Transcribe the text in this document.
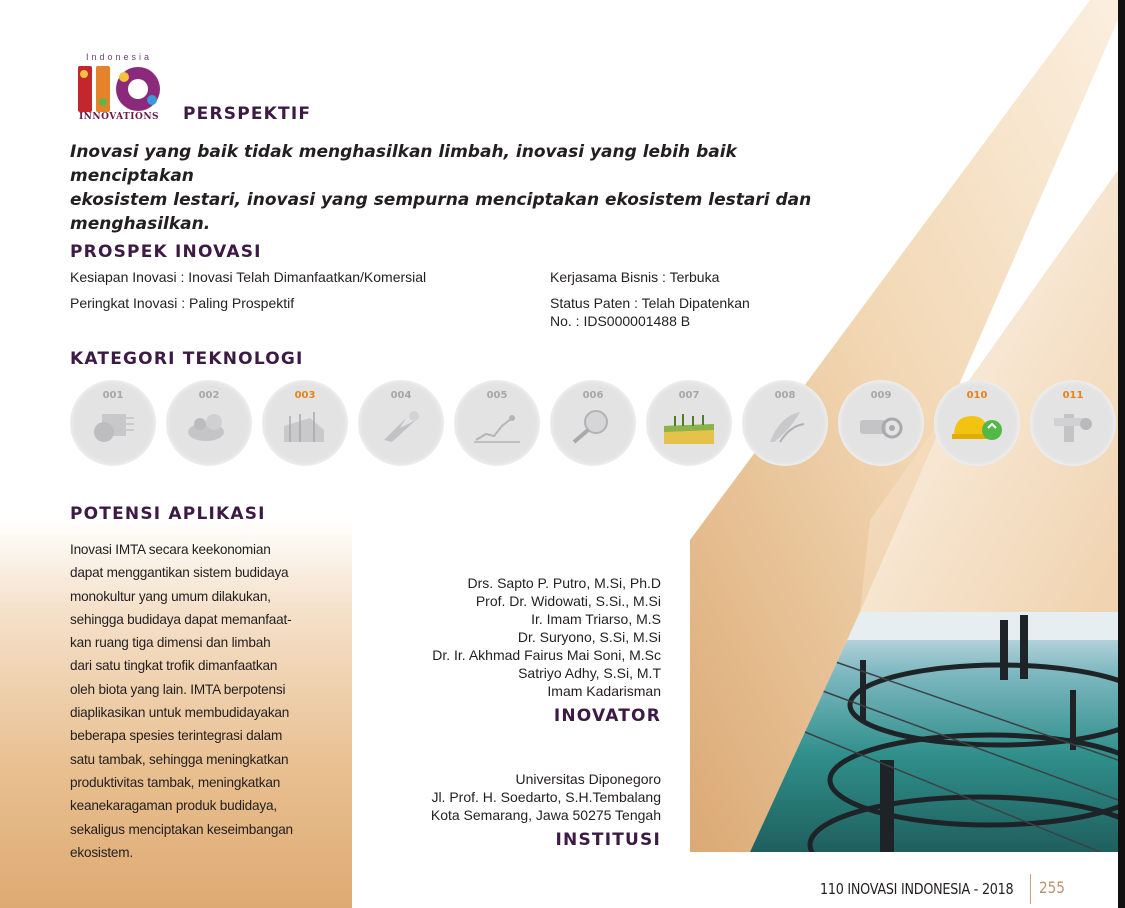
Indonesia
INNOVATIONS	PERSPEKTIF
Inovasi yang baik tidak menghasilkan limbah, inovasi yang lebih baik menciptakan
ekosistem lestari, inovasi yang sempurna menciptakan ekosistem lestari dan
menghasilkan.
PROSPEK INOVASI
Kesiapan Inovasi : Inovasi Telah Dimanfaatkan/Komersial
Peringkat Inovasi : Paling Prospektif
Kerjasama Bisnis : Terbuka
Status Paten : Telah Dipatenkan
No. : IDS000001488 B
KATEGORI TEKNOLOGI
001	002	003	004	005	006	007	008	009	010	011
POTENSI APLIKASI
Inovasi IMTA secara keekonomian
dapat menggantikan sistem budidaya
monokultur yang umum dilakukan,
sehingga budidaya dapat memanfaat-
kan ruang tiga dimensi dan limbah
dari satu tingkat trofik dimanfaatkan
oleh biota yang lain. IMTA berpotensi
diaplikasikan untuk membudidayakan
beberapa spesies terintegrasi dalam
satu tambak, sehingga meningkatkan
produktivitas tambak, meningkatkan
keanekaragaman produk budidaya,
sekaligus menciptakan keseimbangan
ekosistem.
Drs. Sapto P. Putro, M.Si, Ph.D
Prof. Dr. Widowati, S.Si., M.Si
Ir. Imam Triarso, M.S
Dr. Suryono, S.Si, M.Si
Dr. Ir. Akhmad Fairus Mai Soni, M.Sc
Satriyo Adhy, S.Si, M.T
Imam Kadarisman
INOVATOR
Universitas Diponegoro
Jl. Prof. H. Soedarto, S.H.Tembalang
Kota Semarang, Jawa 50275 Tengah
INSTITUSI
110 INOVASI INDONESIA - 2018 255
